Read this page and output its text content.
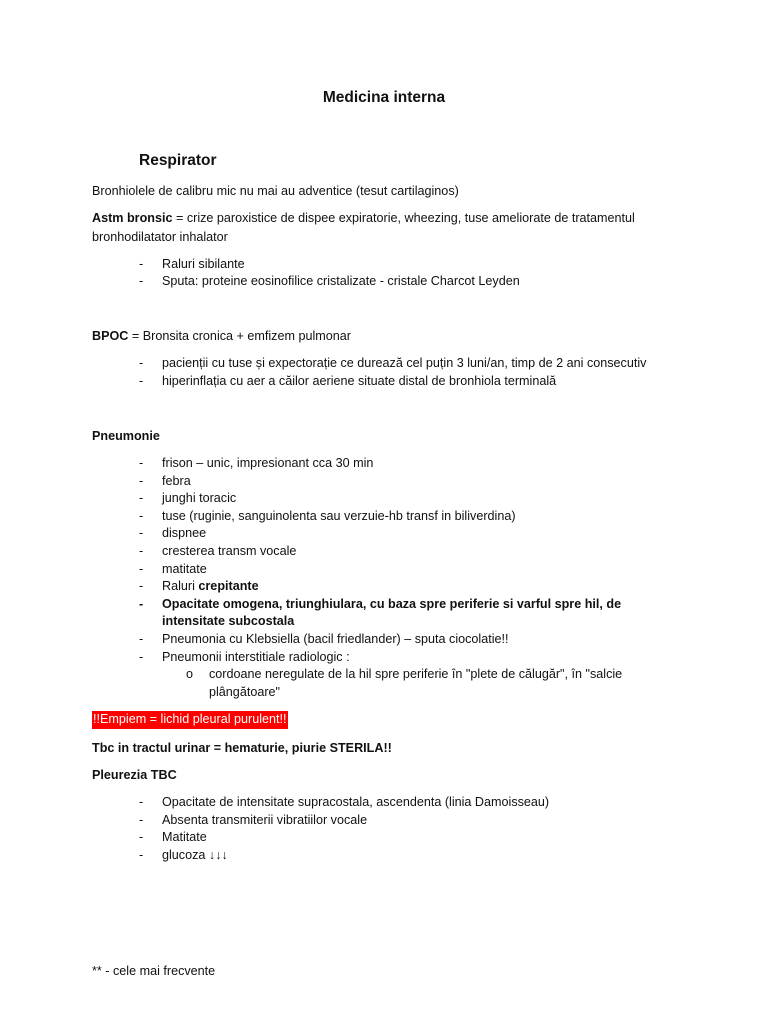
Medicina interna
Respirator
Bronhiolele de calibru mic nu mai au adventice (tesut cartilaginos)
Astm bronsic = crize paroxistice de dispee expiratorie, wheezing, tuse ameliorate de tratamentul
bronhodilatator inhalator
-	Raluri sibilante
-	Sputa: proteine eosinofilice cristalizate - cristale Charcot Leyden
BPOC = Bronsita cronica + emfizem pulmonar
-	pacienții cu tuse și expectorație ce durează cel puțin 3 luni/an, timp de 2 ani consecutiv
-	hiperinflația cu aer a căilor aeriene situate distal de bronhiola terminală
Pneumonie
-	frison – unic, impresionant cca 30 min
-	febra
-	junghi toracic
-	tuse (ruginie, sanguinolenta sau verzuie-hb transf in biliverdina)
-	dispnee
-	cresterea transm vocale
-	matitate
-	Raluri crepitante
-	Opacitate omogena, triunghiulara, cu baza spre periferie si varful spre hil, de
intensitate subcostala
-	Pneumonia cu Klebsiella (bacil friedlander) – sputa ciocolatie!!
-	Pneumonii interstitiale radiologic :
o cordoane neregulate de la hil spre periferie în "plete de călugăr", în "salcie
plângătoare"
!!Empiem = lichid pleural purulent!!
Tbc in tractul urinar = hematurie, piurie STERILA!!
Pleurezia TBC
-	Opacitate de intensitate supracostala, ascendenta (linia Damoisseau)
-	Absenta transmiterii vibratiilor vocale
-	Matitate
-	glucoza ↓↓↓
** - cele mai frecvente
